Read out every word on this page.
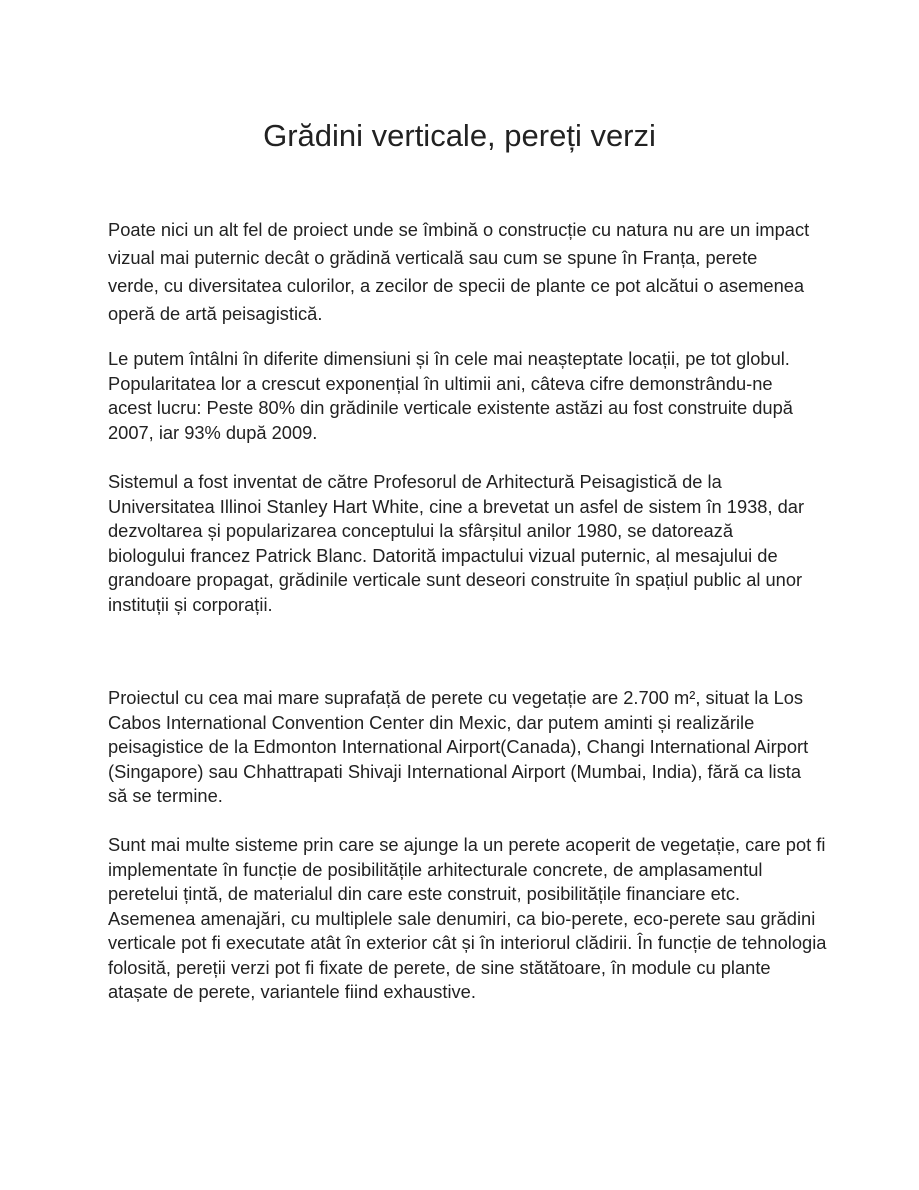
Grădini verticale, pereți verzi

Poate nici un alt fel de proiect unde se îmbină o construcție cu natura nu are un impact vizual mai puternic decât o grădină verticală sau cum se spune în Franța, perete verde, cu diversitatea culorilor, a zecilor de specii de plante ce pot alcătui o asemenea operă de artă peisagistică.

Le putem întâlni în diferite dimensiuni și în cele mai neașteptate locații, pe tot globul. Popularitatea lor a crescut exponențial în ultimii ani, câteva cifre demonstrându-ne acest lucru: Peste 80% din grădinile verticale existente astăzi au fost construite după 2007, iar 93% după 2009.

Sistemul a fost inventat de către Profesorul de Arhitectură Peisagistică de la Universitatea Illinoi Stanley Hart White, cine a brevetat un asfel de sistem în 1938, dar dezvoltarea și popularizarea conceptului la sfârșitul anilor 1980, se datorează biologului francez Patrick Blanc. Datorită impactului vizual puternic, al mesajului de grandoare propagat, grădinile verticale sunt deseori construite în spațiul public al unor instituții și corporații.

Proiectul cu cea mai mare suprafață de perete cu vegetație are 2.700 m², situat la Los Cabos International Convention Center din Mexic, dar putem aminti și realizările peisagistice de la Edmonton International Airport(Canada), Changi International Airport (Singapore) sau Chhattrapati Shivaji International Airport (Mumbai, India), fără ca lista să se termine.

Sunt mai multe sisteme prin care se ajunge la un perete acoperit de vegetație, care pot fi implementate în funcție de posibilitățile arhitecturale concrete, de amplasamentul peretelui țintă, de materialul din care este construit, posibilitățile financiare etc. Asemenea amenajări, cu multiplele sale denumiri, ca bio-perete, eco-perete sau grădini verticale pot fi executate atât în exterior cât și în interiorul clădirii. În funcție de tehnologia folosită, pereții verzi pot fi fixate de perete, de sine stătătoare, în module cu plante atașate de perete, variantele fiind exhaustive.
